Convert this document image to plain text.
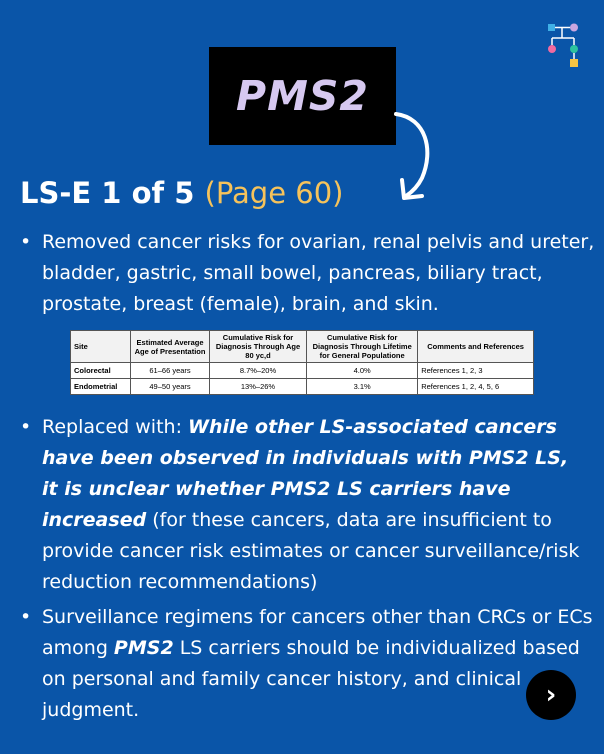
PMS2
LS-E 1 of 5 (Page 60)
• Removed cancer risks for ovarian, renal pelvis and ureter, bladder, gastric, small bowel, pancreas, biliary tract, prostate, breast (female), brain, and skin.
Site	Estimated Average Age of Presentation	Cumulative Risk for Diagnosis Through Age 80 yc,d	Cumulative Risk for Diagnosis Through Lifetime for General Populatione	Comments and References
Colorectal	61–66 years	8.7%–20%	4.0%	References 1, 2, 3
Endometrial	49–50 years	13%–26%	3.1%	References 1, 2, 4, 5, 6
• Replaced with: While other LS-associated cancers have been observed in individuals with PMS2 LS, it is unclear whether PMS2 LS carriers have increased (for these cancers, data are insufficient to provide cancer risk estimates or cancer surveillance/risk reduction recommendations)
• Surveillance regimens for cancers other than CRCs or ECs among PMS2 LS carriers should be individualized based on personal and family cancer history, and clinical judgment.	›
